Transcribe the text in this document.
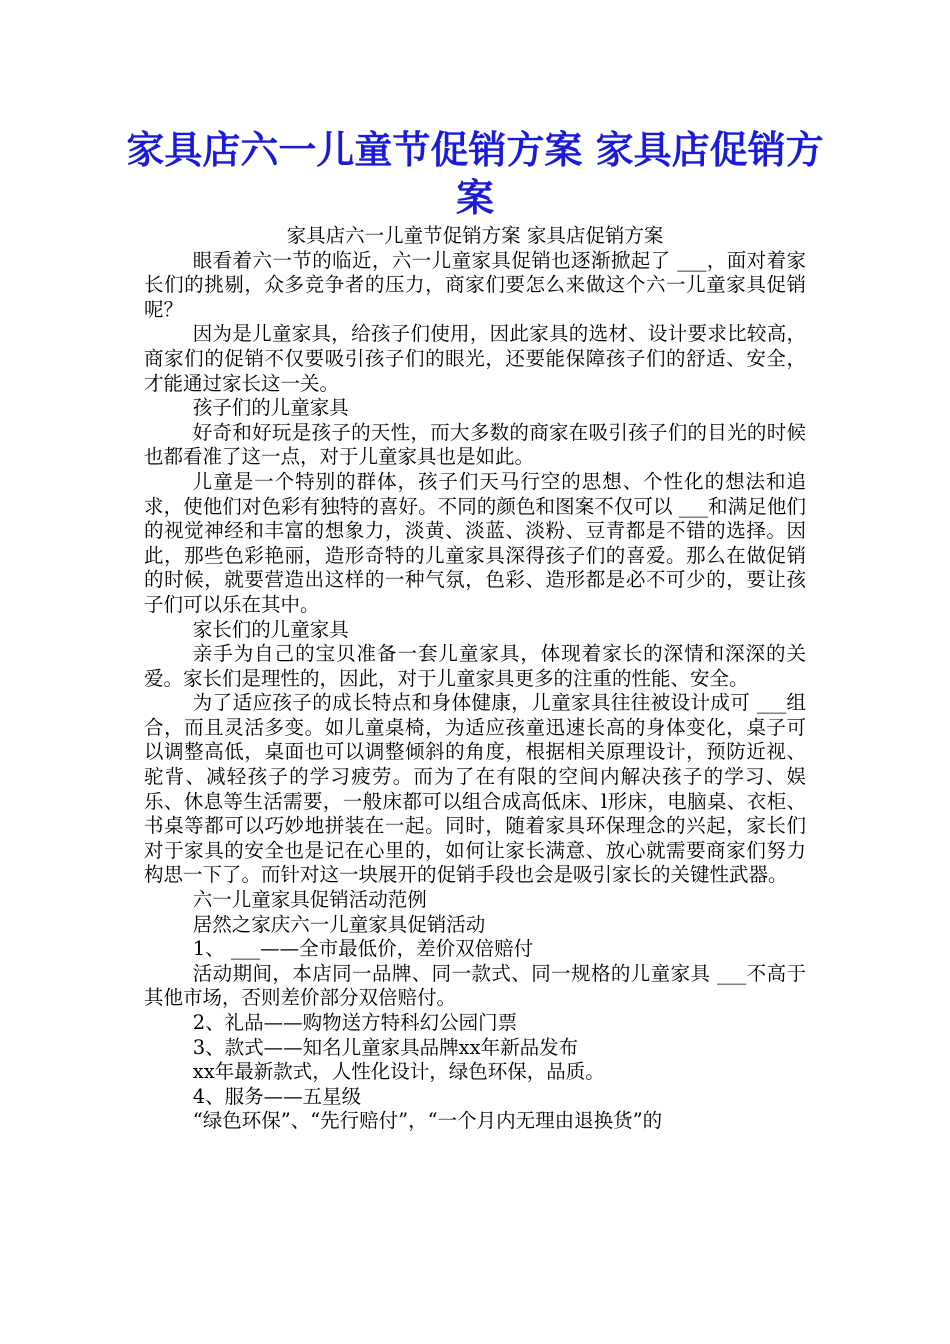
家具店六一儿童节促销方案 家具店促销方案

家具店六一儿童节促销方案 家具店促销方案

眼看着六一节的临近，六一儿童家具促销也逐渐掀起了 ___，面对着家长们的挑剔，众多竞争者的压力，商家们要怎么来做这个六一儿童家具促销呢？

因为是儿童家具，给孩子们使用，因此家具的选材、设计要求比较高，商家们的促销不仅要吸引孩子们的眼光，还要能保障孩子们的舒适、安全，才能通过家长这一关。

孩子们的儿童家具

好奇和好玩是孩子的天性，而大多数的商家在吸引孩子们的目光的时候也都看准了这一点，对于儿童家具也是如此。

儿童是一个特别的群体，孩子们天马行空的思想、个性化的想法和追求，使他们对色彩有独特的喜好。不同的颜色和图案不仅可以 ___和满足他们的视觉神经和丰富的想象力，淡黄、淡蓝、淡粉、豆青都是不错的选择。因此，那些色彩艳丽，造形奇特的儿童家具深得孩子们的喜爱。那么在做促销的时候，就要营造出这样的一种气氛，色彩、造形都是必不可少的，要让孩子们可以乐在其中。

家长们的儿童家具

亲手为自己的宝贝准备一套儿童家具，体现着家长的深情和深深的关爱。家长们是理性的，因此，对于儿童家具更多的注重的性能、安全。

为了适应孩子的成长特点和身体健康，儿童家具往往被设计成可 ___组合，而且灵活多变。如儿童桌椅，为适应孩童迅速长高的身体变化，桌子可以调整高低，桌面也可以调整倾斜的角度，根据相关原理设计，预防近视、驼背、减轻孩子的学习疲劳。而为了在有限的空间内解决孩子的学习、娱乐、休息等生活需要，一般床都可以组合成高低床、l形床，电脑桌、衣柜、书桌等都可以巧妙地拼装在一起。同时，随着家具环保理念的兴起，家长们对于家具的安全也是记在心里的，如何让家长满意、放心就需要商家们努力构思一下了。而针对这一块展开的促销手段也会是吸引家长的关键性武器。

六一儿童家具促销活动范例

居然之家庆六一儿童家具促销活动

1、 ___——全市最低价，差价双倍赔付

活动期间，本店同一品牌、同一款式、同一规格的儿童家具 ___不高于其他市场，否则差价部分双倍赔付。

2、礼品——购物送方特科幻公园门票

3、款式——知名儿童家具品牌xx年新品发布

xx年最新款式，人性化设计，绿色环保，品质。

4、服务——五星级

“绿色环保”、“先行赔付”，“一个月内无理由退换货”的
